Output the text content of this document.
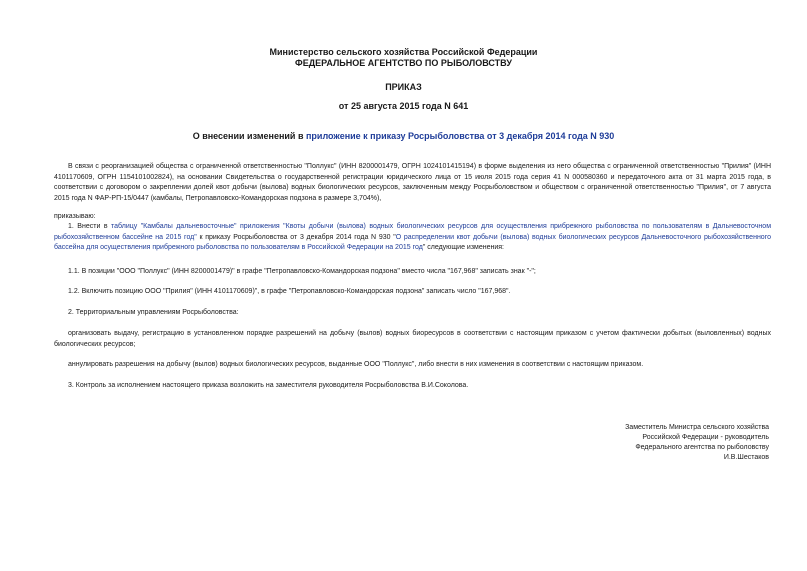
Министерство сельского хозяйства Российской Федерации
ФЕДЕРАЛЬНОЕ АГЕНТСТВО ПО РЫБОЛОВСТВУ
ПРИКАЗ
от 25 августа 2015 года N 641
О внесении изменений в приложение к приказу Росрыболовства от 3 декабря 2014 года N 930
В связи с реорганизацией общества с ограниченной ответственностью "Поллукс" (ИНН 8200001479, ОГРН 1024101415194) в форме выделения из него общества с ограниченной ответственностью "Прилия" (ИНН 4101170609, ОГРН 1154101002824), на основании Свидетельства о государственной регистрации юридического лица от 15 июля 2015 года серия 41 N 000580360 и передаточного акта от 31 марта 2015 года, в соответствии с договором о закреплении долей квот добычи (вылова) водных биологических ресурсов, заключенным между Росрыболовством и обществом с ограниченной ответственностью "Прилия", от 7 августа 2015 года N ФАР-РП-15/0447 (камбалы, Петропавловско-Командорская подзона в размере 3,704%),
приказываю:
1. Внести в таблицу "Камбалы дальневосточные" приложения "Квоты добычи (вылова) водных биологических ресурсов для осуществления прибрежного рыболовства по пользователям в Дальневосточном рыбохозяйственном бассейне на 2015 год" к приказу Росрыболовства от 3 декабря 2014 года N 930 "О распределении квот добычи (вылова) водных биологических ресурсов Дальневосточного рыбохозяйственного бассейна для осуществления прибрежного рыболовства по пользователям в Российской Федерации на 2015 год" следующие изменения:
1.1. В позиции "ООО "Поллукс" (ИНН 8200001479)" в графе "Петропавловско-Командорская подзона" вместо числа "167,968" записать знак "-";
1.2. Включить позицию ООО "Прилия" (ИНН 4101170609)", в графе "Петропавловско-Командорская подзона" записать число "167,968".
2. Территориальным управлениям Росрыболовства:
организовать выдачу, регистрацию в установленном порядке разрешений на добычу (вылов) водных биоресурсов в соответствии с настоящим приказом с учетом фактически добытых (выловленных) водных биологических ресурсов;
аннулировать разрешения на добычу (вылов) водных биологических ресурсов, выданные ООО "Поллукс", либо внести в них изменения в соответствии с настоящим приказом.
3. Контроль за исполнением настоящего приказа возложить на заместителя руководителя Росрыболовства В.И.Соколова.
Заместитель Министра сельского хозяйства
Российской Федерации - руководитель
Федерального агентства по рыболовству
И.В.Шестаков
